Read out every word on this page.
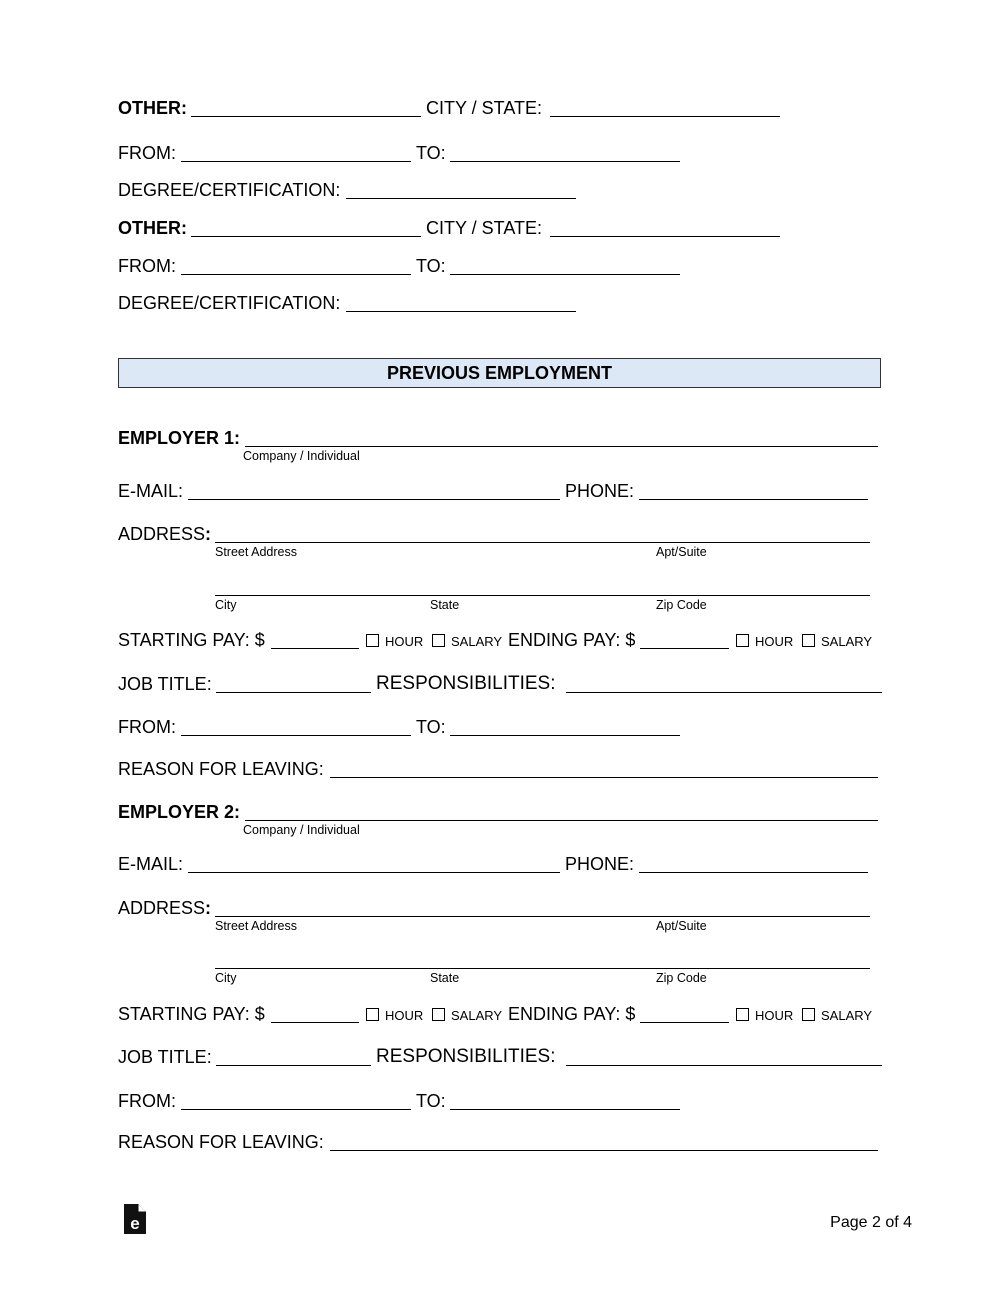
OTHER:	CITY / STATE:
FROM:	TO:
DEGREE/CERTIFICATION:
OTHER:	CITY / STATE:
FROM:	TO:
DEGREE/CERTIFICATION:
PREVIOUS EMPLOYMENT
EMPLOYER 1:
Company / Individual
E-MAIL:	PHONE:
ADDRESS:
Street Address	Apt/Suite
City	State	Zip Code
STARTING PAY: $	HOUR SALARY ENDING PAY: $	HOUR SALARY
JOB TITLE:	RESPONSIBILITIES:
FROM:	TO:
REASON FOR LEAVING:
EMPLOYER 2:
Company / Individual
E-MAIL:	PHONE:
ADDRESS:
Street Address	Apt/Suite
City	State	Zip Code
STARTING PAY: $	HOUR SALARY ENDING PAY: $	HOUR SALARY
JOB TITLE:	RESPONSIBILITIES:
FROM:	TO:
REASON FOR LEAVING:
e	Page 2 of 4
